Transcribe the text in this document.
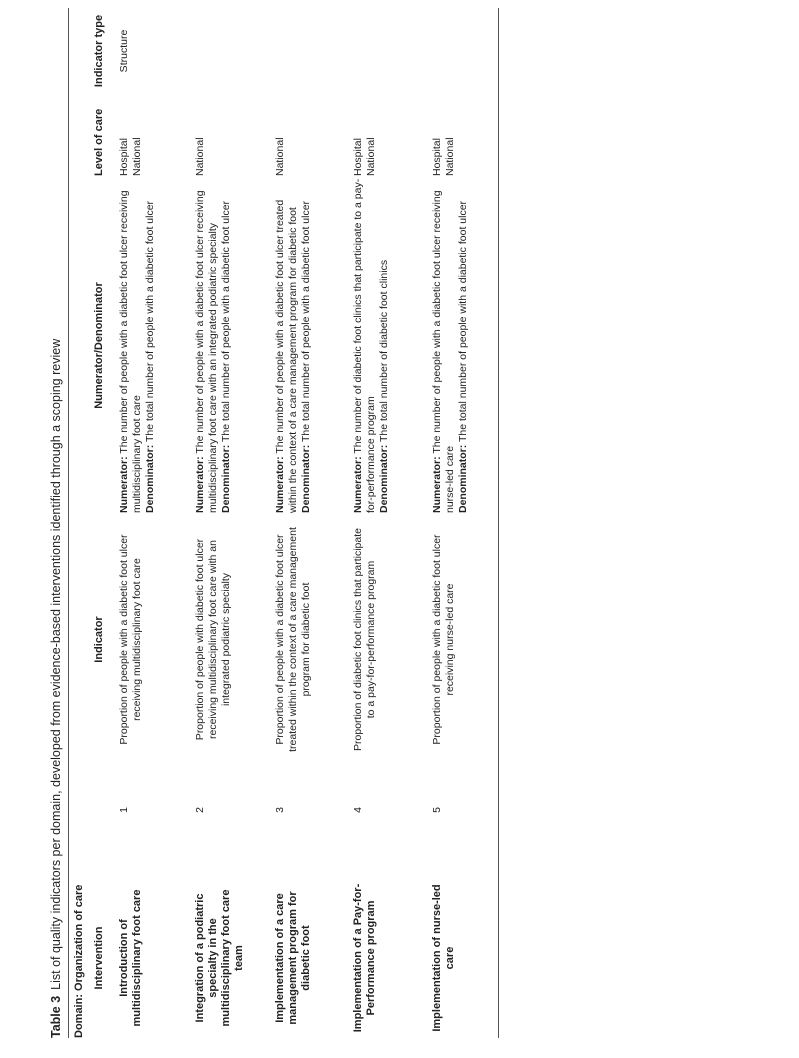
Table 3List of quality indicators per domain, developed from evidence-based interventions identified through a scoping review Domain: Organization of care Intervention
Indicator
Numerator/Denominator
Level of care
Indicator type
Introduction of multidisciplinary foot care
1
Proportion of people with a diabetic foot ulcer receiving multidisciplinary foot care
Numerator: The number of people with a diabetic foot ulcer receiving multidisciplinary foot care Denominator: The total number of people with a diabetic foot ulcer
Hospital National
Structure
Integration of a podiatric specialty in the multidisciplinary foot care team
2
Proportion of people with diabetic foot ulcer receiving multidisciplinary foot care with an integrated podiatric specialty
Numerator: The number of people with a diabetic foot ulcer receiving multidisciplinary foot care with an integrated podiatric specialty Denominator: The total number of people with a diabetic foot ulcer
National
Implementation of a care management program for diabetic foot
3
Proportion of people with a diabetic foot ulcer treated within the context of a care management program for diabetic foot
Numerator: The number of people with a diabetic foot ulcer treated within the context of a care management program for diabetic foot Denominator: The total number of people with a diabetic foot ulcer
National
Implementation of a Pay-for-Performance program
4
Proportion of diabetic foot clinics that participate to a pay-for-performance program
Numerator: The number of diabetic foot clinics that participate to a pay-for-performance program Denominator: The total number of diabetic foot clinics
Hospital National
Implementation of nurse-led care
5
Proportion of people with a diabetic foot ulcer receiving nurse-led care
Numerator: The number of people with a diabetic foot ulcer receiving nurse-led care Denominator: The total number of people with a diabetic foot ulcer
Hospital National
